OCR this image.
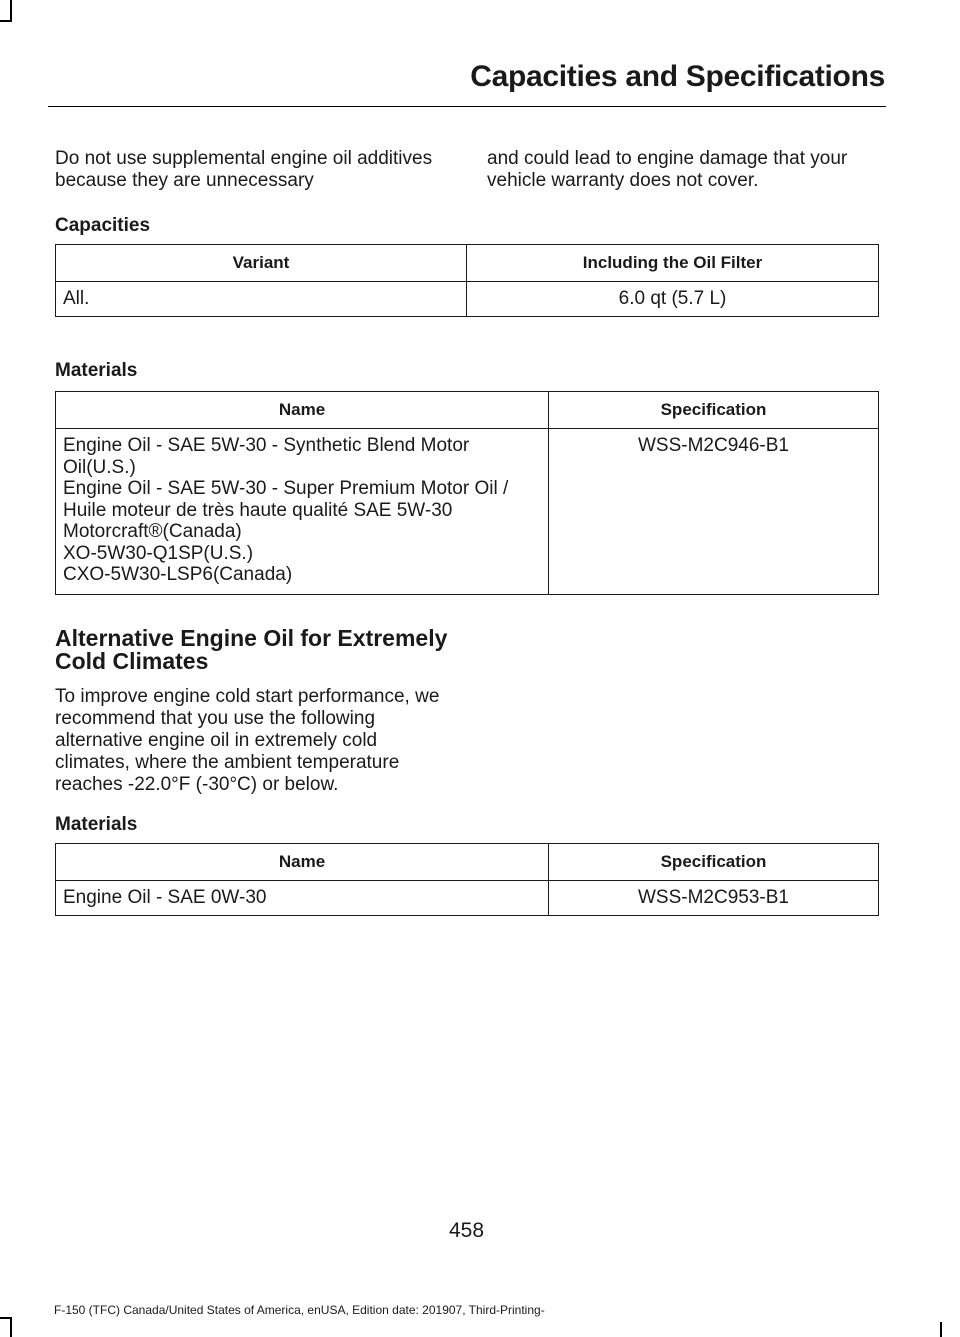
Capacities and Specifications
Do not use supplemental engine oil additives because they are unnecessary
and could lead to engine damage that your vehicle warranty does not cover.
Capacities
Variant	Including the Oil Filter
All.	6.0 qt (5.7 L)
Materials
Name	Specification

Engine Oil - SAE 5W-30 - Synthetic Blend Motor Oil(U.S.)
Engine Oil - SAE 5W-30 - Super Premium Motor Oil / Huile moteur de très haute qualité SAE 5W-30 Motorcraft®(Canada)
XO-5W30-Q1SP(U.S.)
CXO-5W30-LSP6(Canada)	WSS-M2C946-B1
Alternative Engine Oil for Extremely Cold Climates
To improve engine cold start performance, we recommend that you use the following alternative engine oil in extremely cold climates, where the ambient temperature reaches -22.0°F (-30°C) or below.
Materials
Name	Specification
Engine Oil - SAE 0W-30	WSS-M2C953-B1
458
F-150 (TFC) Canada/United States of America, enUSA, Edition date: 201907, Third-Printing-
